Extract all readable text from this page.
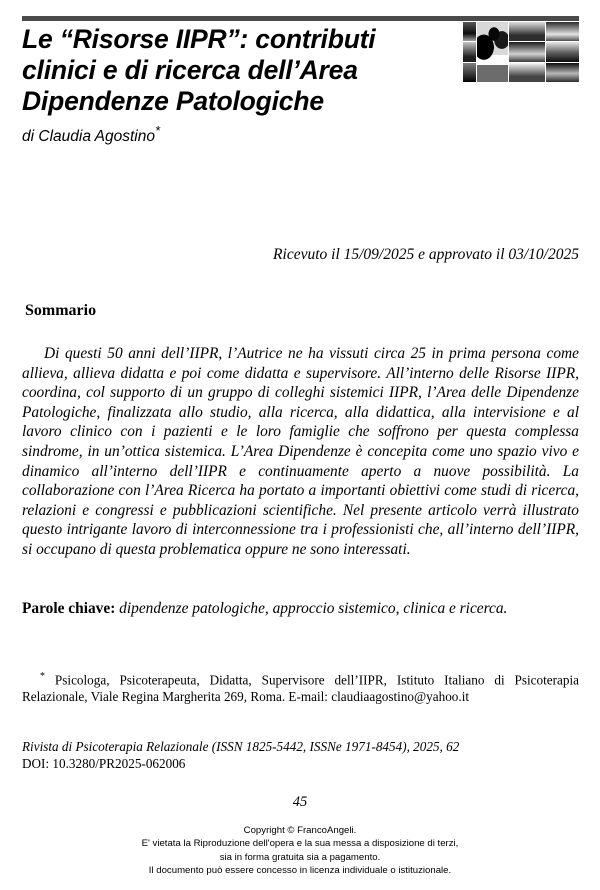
Le “Risorse IIPR”: contributi clinici e di ricerca dell’Area Dipendenze Patologiche

di Claudia Agostino*

Ricevuto il 15/09/2025 e approvato il 03/10/2025
Sommario
Di questi 50 anni dell’IIPR, l’Autrice ne ha vissuti circa 25 in prima persona come allieva, allieva didatta e poi come didatta e supervisore. All’interno delle Risorse IIPR, coordina, col supporto di un gruppo di colleghi sistemici IIPR, l’Area delle Dipendenze Patologiche, finalizzata allo studio, alla ricerca, alla didattica, alla intervisione e al lavoro clinico con i pazienti e le loro famiglie che soffrono per questa complessa sindrome, in un’ottica sistemica. L’Area Dipendenze è concepita come uno spazio vivo e dinamico all’interno dell’IIPR e continuamente aperto a nuove possibilità. La collaborazione con l’Area Ricerca ha portato a importanti obiettivi come studi di ricerca, relazioni e congressi e pubblicazioni scientifiche. Nel presente articolo verrà illustrato questo intrigante lavoro di interconnessione tra i professionisti che, all’interno dell’IIPR, si occupano di questa problematica oppure ne sono interessati.
Parole chiave: dipendenze patologiche, approccio sistemico, clinica e ricerca.
* Psicologa, Psicoterapeuta, Didatta, Supervisore dell’IIPR, Istituto Italiano di Psicoterapia Relazionale, Viale Regina Margherita 269, Roma. E-mail: claudiaagostino@yahoo.it
Rivista di Psicoterapia Relazionale (ISSN 1825-5442, ISSNe 1971-8454), 2025, 62
DOI: 10.3280/PR2025-062006
45
Copyright © FrancoAngeli.
E' vietata la Riproduzione dell'opera e la sua messa a disposizione di terzi,
sia in forma gratuita sia a pagamento.
Il documento può essere concesso in licenza individuale o istituzionale.
